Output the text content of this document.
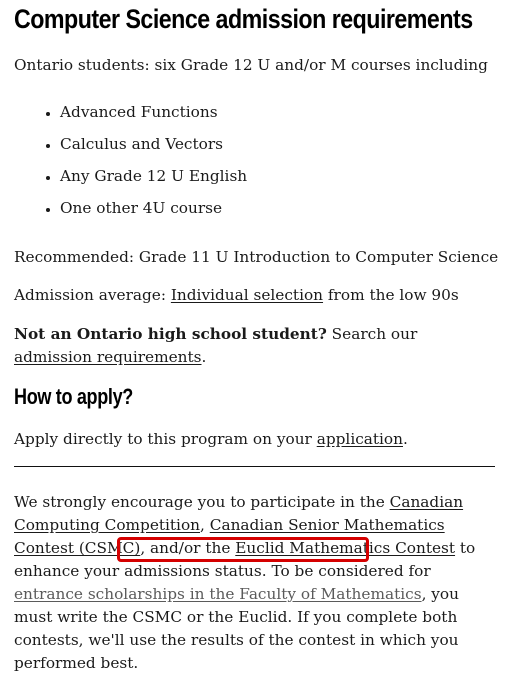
Computer Science admission requirements

Ontario students: six Grade 12 U and/or M courses including

• Advanced Functions
• Calculus and Vectors
• Any Grade 12 U English
• One other 4U course

Recommended: Grade 11 U Introduction to Computer Science

Admission average: Individual selection from the low 90s

Not an Ontario high school student? Search our admission requirements.

How to apply?

Apply directly to this program on your application.

We strongly encourage you to participate in the Canadian Computing Competition, Canadian Senior Mathematics Contest (CSMC), and/or the Euclid Mathematics Contest to enhance your admissions status. To be considered for entrance scholarships in the Faculty of Mathematics, you must write the CSMC or the Euclid. If you complete both contests, we'll use the results of the contest in which you performed best.
